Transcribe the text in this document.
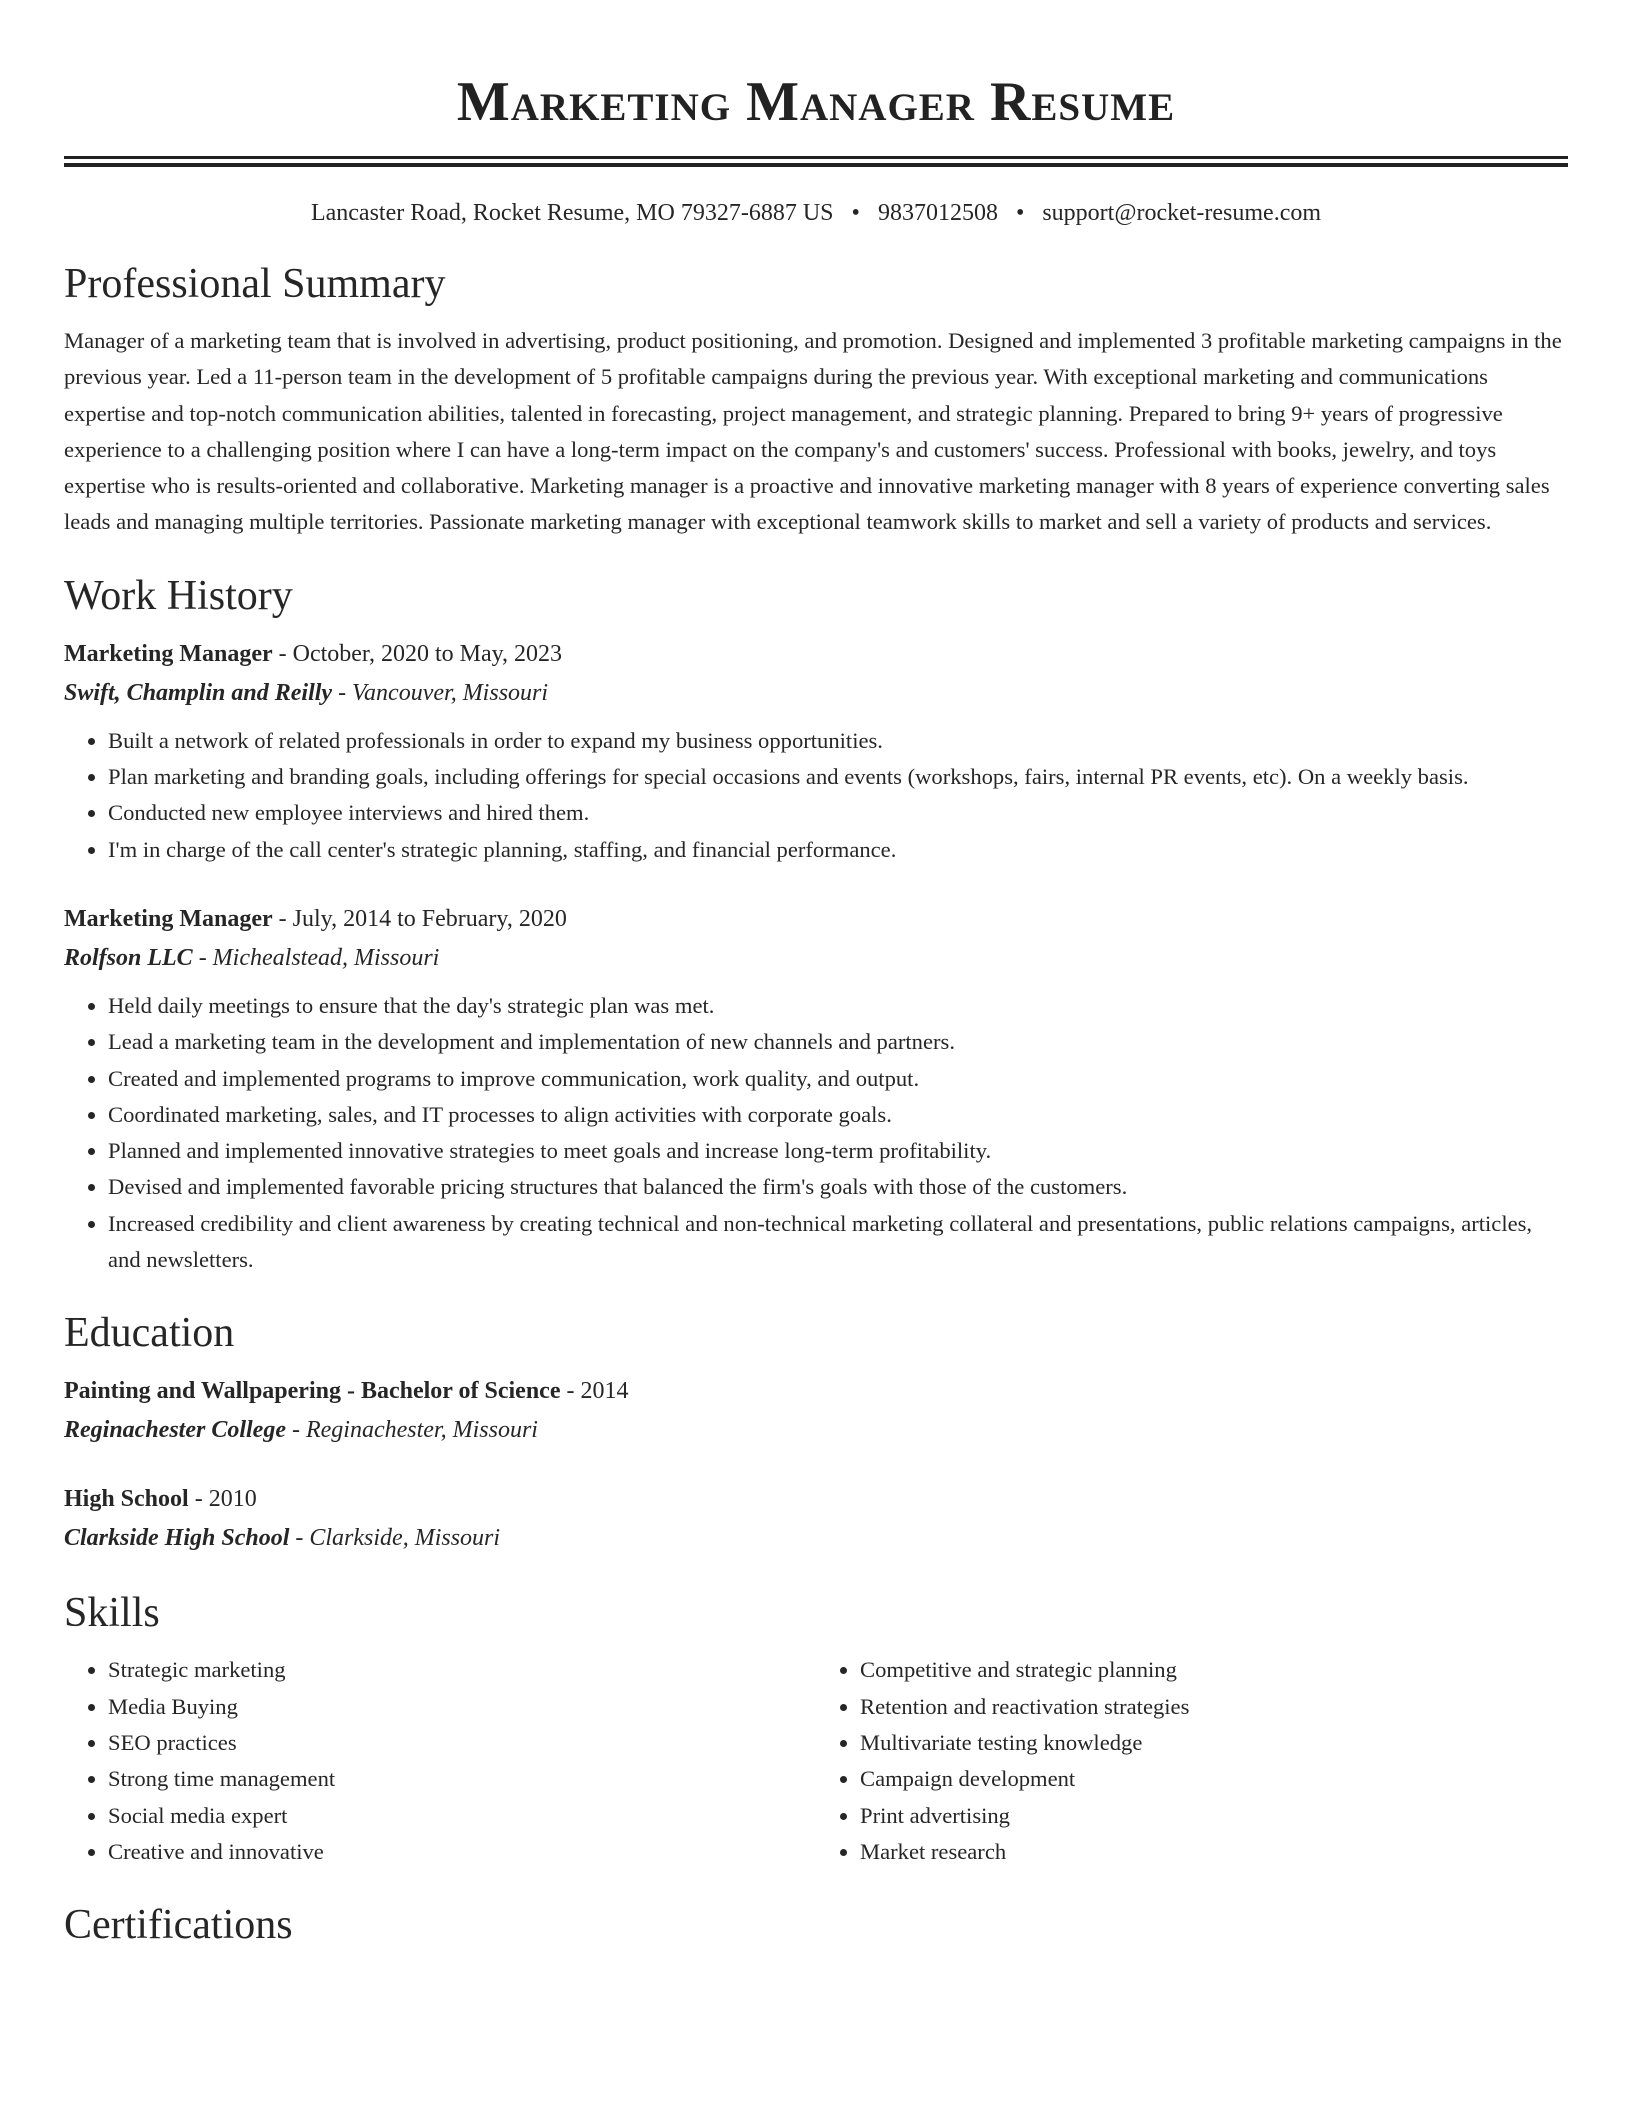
Marketing Manager Resume
Lancaster Road, Rocket Resume, MO 79327-6887 US • 9837012508 • support@rocket-resume.com
Professional Summary

Manager of a marketing team that is involved in advertising, product positioning, and promotion. Designed and implemented 3 profitable marketing campaigns in the previous year. Led a 11-person team in the development of 5 profitable campaigns during the previous year. With exceptional marketing and communications expertise and top-notch communication abilities, talented in forecasting, project management, and strategic planning. Prepared to bring 9+ years of progressive experience to a challenging position where I can have a long-term impact on the company's and customers' success. Professional with books, jewelry, and toys expertise who is results-oriented and collaborative. Marketing manager is a proactive and innovative marketing manager with 8 years of experience converting sales leads and managing multiple territories. Passionate marketing manager with exceptional teamwork skills to market and sell a variety of products and services.

Work History
Marketing Manager - October, 2020 to May, 2023
Swift, Champlin and Reilly - Vancouver, Missouri
• Built a network of related professionals in order to expand my business opportunities.
• Plan marketing and branding goals, including offerings for special occasions and events (workshops, fairs, internal PR events, etc). On a weekly basis.
• Conducted new employee interviews and hired them.
• I'm in charge of the call center's strategic planning, staffing, and financial performance.
Marketing Manager - July, 2014 to February, 2020
Rolfson LLC - Michealstead, Missouri
• Held daily meetings to ensure that the day's strategic plan was met.
• Lead a marketing team in the development and implementation of new channels and partners.
• Created and implemented programs to improve communication, work quality, and output.
• Coordinated marketing, sales, and IT processes to align activities with corporate goals.
• Planned and implemented innovative strategies to meet goals and increase long-term profitability.
• Devised and implemented favorable pricing structures that balanced the firm's goals with those of the customers.
• Increased credibility and client awareness by creating technical and non-technical marketing collateral and presentations, public relations campaigns, articles, and newsletters.
Education
Painting and Wallpapering - Bachelor of Science - 2014
Reginachester College - Reginachester, Missouri
High School - 2010
Clarkside High School - Clarkside, Missouri
Skills
• Strategic marketing
• Media Buying
• SEO practices
• Strong time management
• Social media expert
• Creative and innovative
• Competitive and strategic planning
• Retention and reactivation strategies
• Multivariate testing knowledge
• Campaign development
• Print advertising
• Market research
Certifications
